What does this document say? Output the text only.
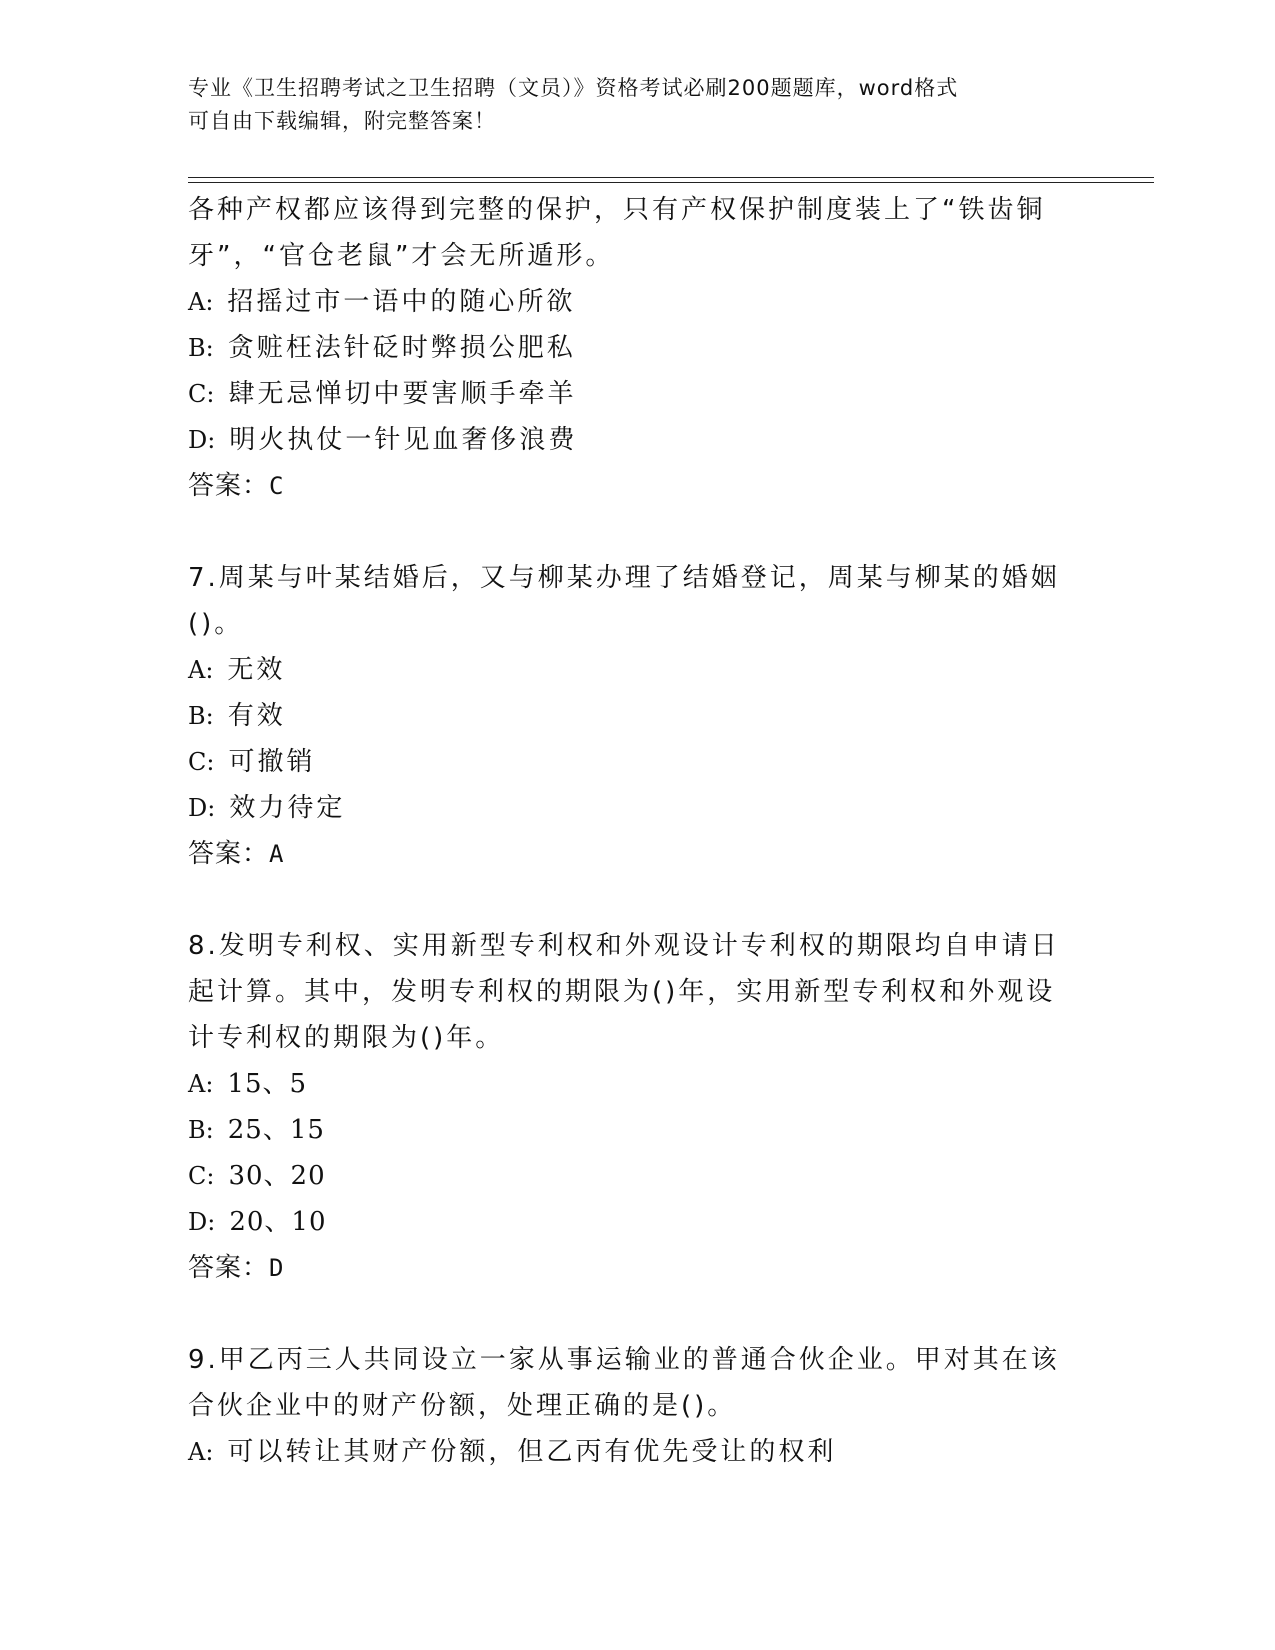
专业《卫生招聘考试之卫生招聘（文员）》资格考试必刷200题题库，word格式
可自由下载编辑，附完整答案！
各种产权都应该得到完整的保护，只有产权保护制度装上了“铁齿铜
牙”，“官仓老鼠”才会无所遁形。
A: 招摇过市一语中的随心所欲
B: 贪赃枉法针砭时弊损公肥私
C: 肆无忌惮切中要害顺手牵羊
D: 明火执仗一针见血奢侈浪费
答案：C
7.周某与叶某结婚后，又与柳某办理了结婚登记，周某与柳某的婚姻
()。
A: 无效
B: 有效
C: 可撤销
D: 效力待定
答案：A
8.发明专利权、实用新型专利权和外观设计专利权的期限均自申请日
起计算。其中，发明专利权的期限为()年，实用新型专利权和外观设
计专利权的期限为()年。
A: 15、5
B: 25、15
C: 30、20
D: 20、10
答案：D
9.甲乙丙三人共同设立一家从事运输业的普通合伙企业。甲对其在该
合伙企业中的财产份额，处理正确的是()。
A: 可以转让其财产份额，但乙丙有优先受让的权利
